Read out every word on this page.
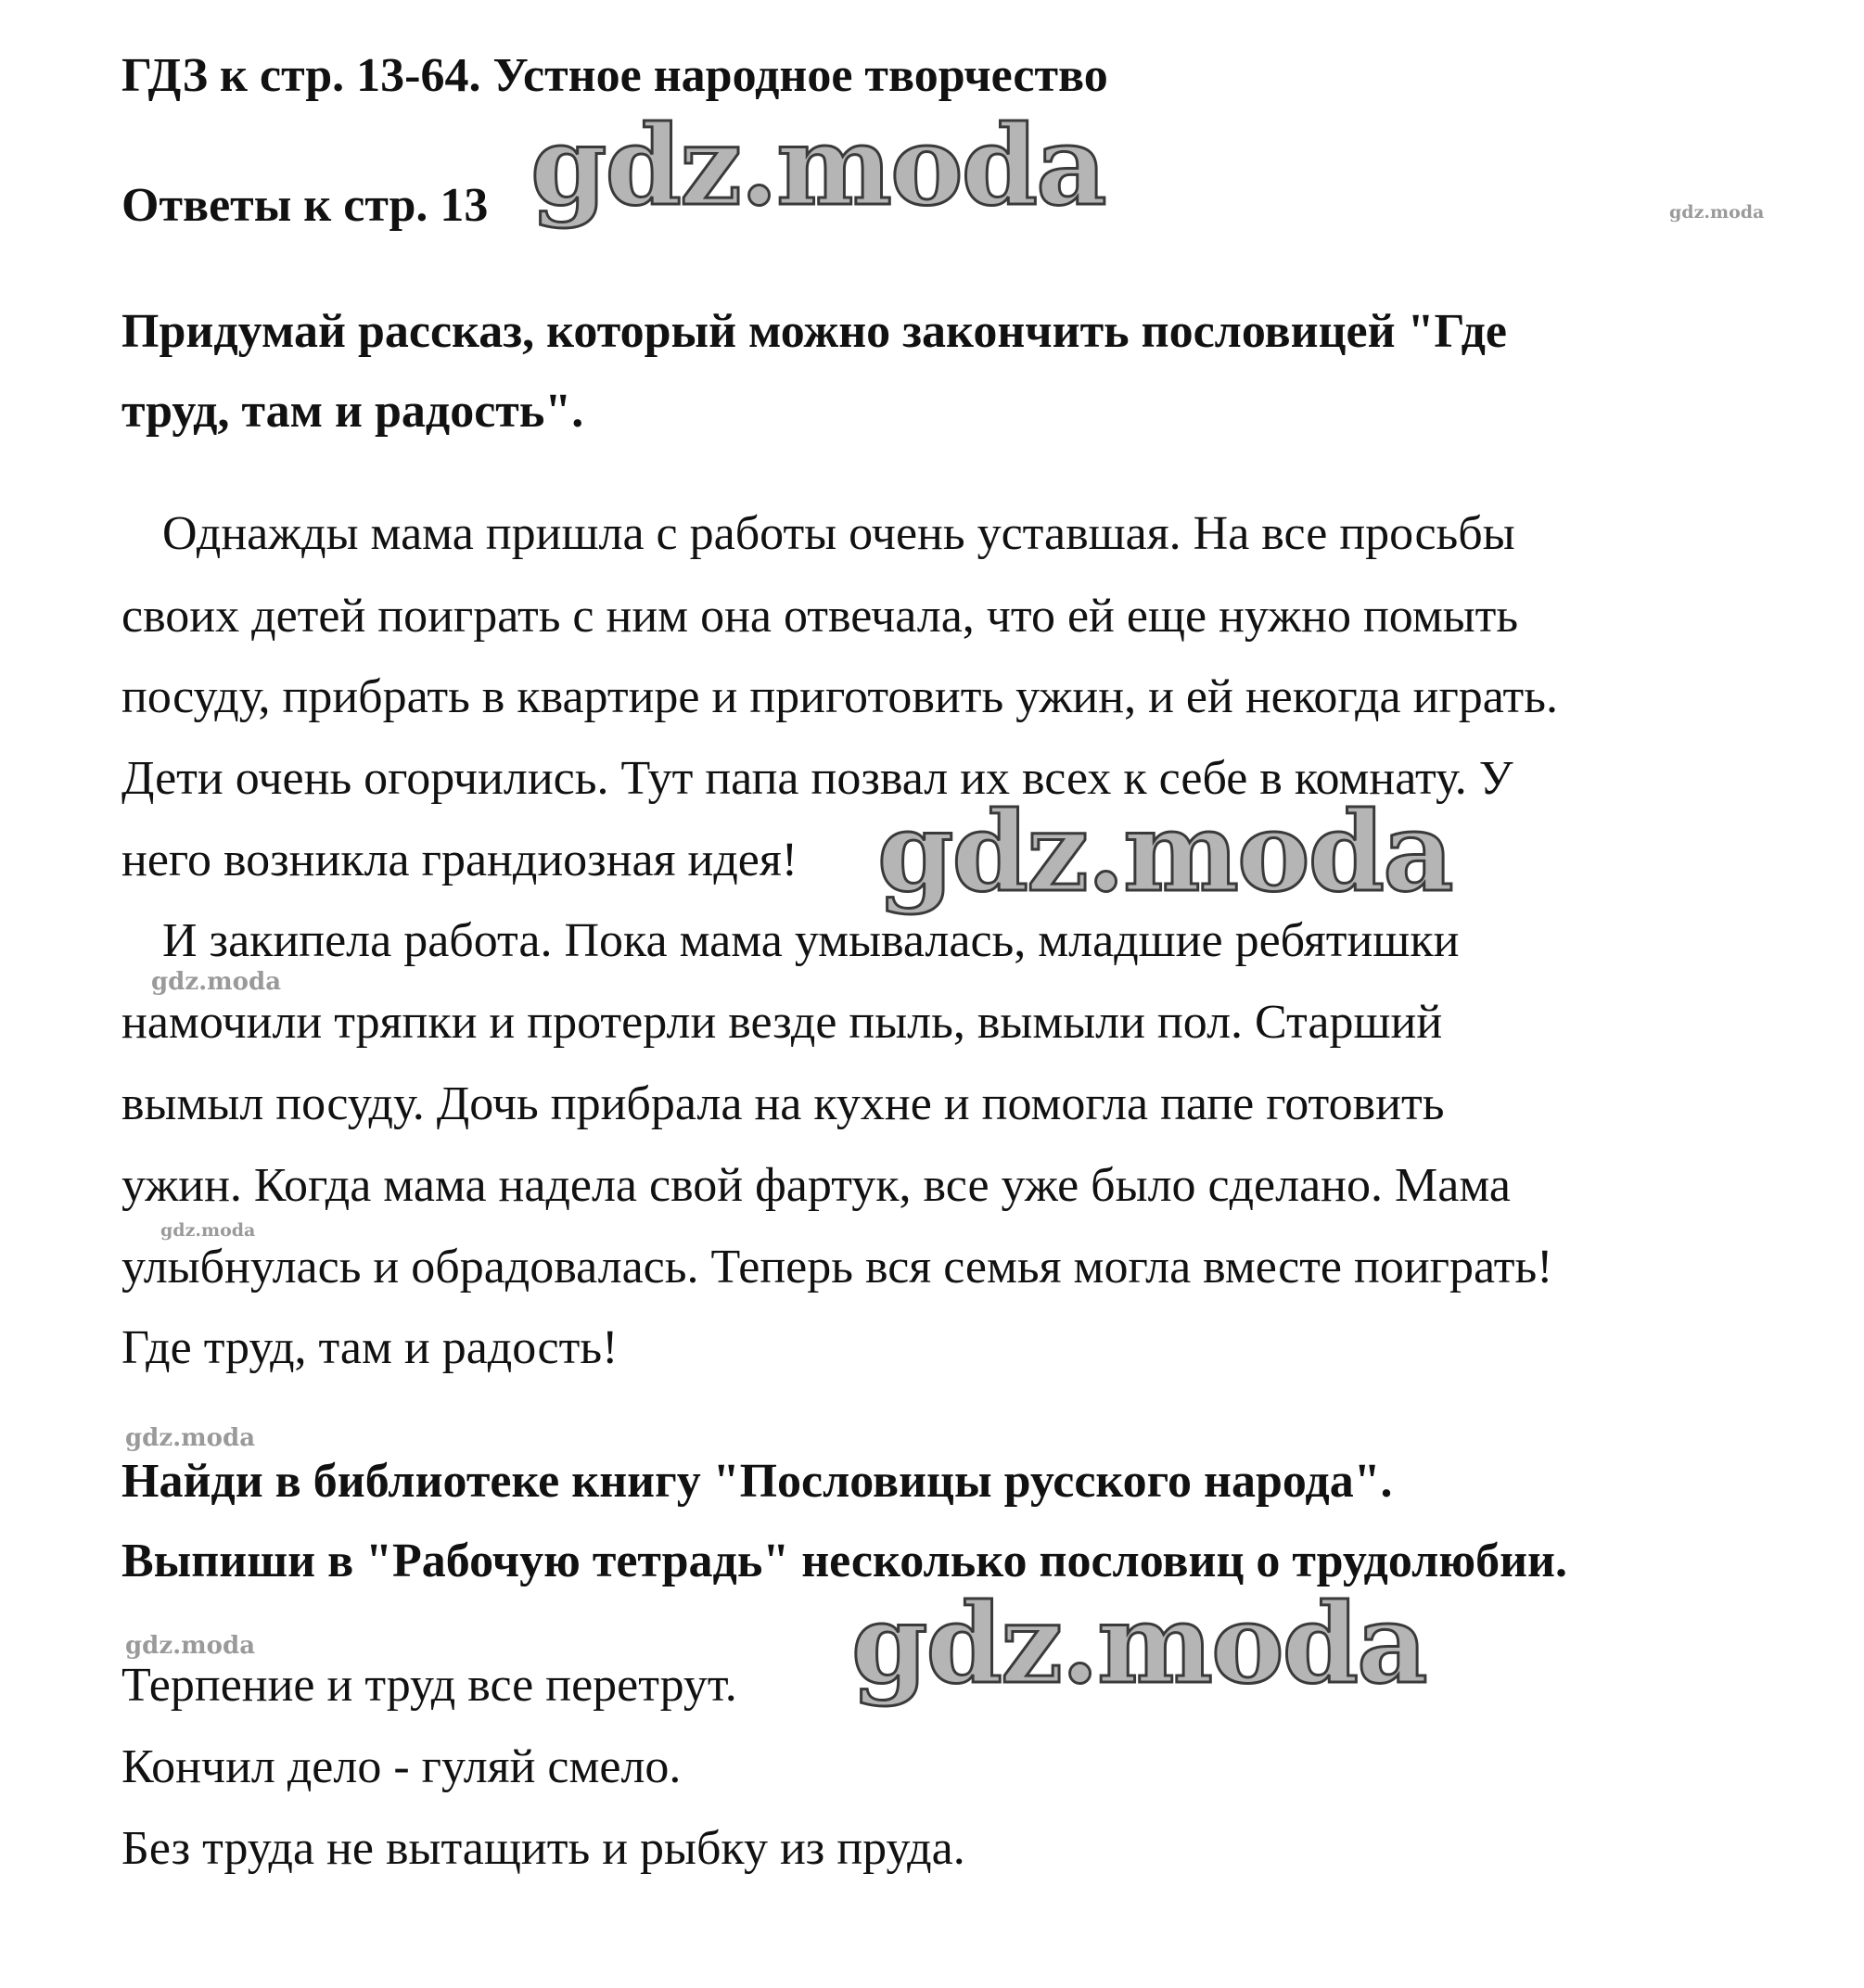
ГДЗ к стр. 13-64. Устное народное творчество
Ответы к стр. 13
Придумай рассказ, который можно закончить пословицей "Где
труд, там и радость".
Однажды мама пришла с работы очень уставшая. На все просьбы
своих детей поиграть с ним она отвечала, что ей еще нужно помыть
посуду, прибрать в квартире и приготовить ужин, и ей некогда играть.
Дети очень огорчились. Тут папа позвал их всех к себе в комнату. У
него возникла грандиозная идея!
И закипела работа. Пока мама умывалась, младшие ребятишки
намочили тряпки и протерли везде пыль, вымыли пол. Старший
вымыл посуду. Дочь прибрала на кухне и помогла папе готовить
ужин. Когда мама надела свой фартук, все уже было сделано. Мама
улыбнулась и обрадовалась. Теперь вся семья могла вместе поиграть!
Где труд, там и радость!
Найди в библиотеке книгу "Пословицы русского народа".
Выпиши в "Рабочую тетрадь" несколько пословиц о трудолюбии.
Терпение и труд все перетрут.
Кончил дело - гуляй смело.
Без труда не вытащить и рыбку из пруда.
gdz.moda
gdz.moda
gdz.moda
gdz.moda
gdz.moda
gdz.moda
gdz.moda
gdz.moda
